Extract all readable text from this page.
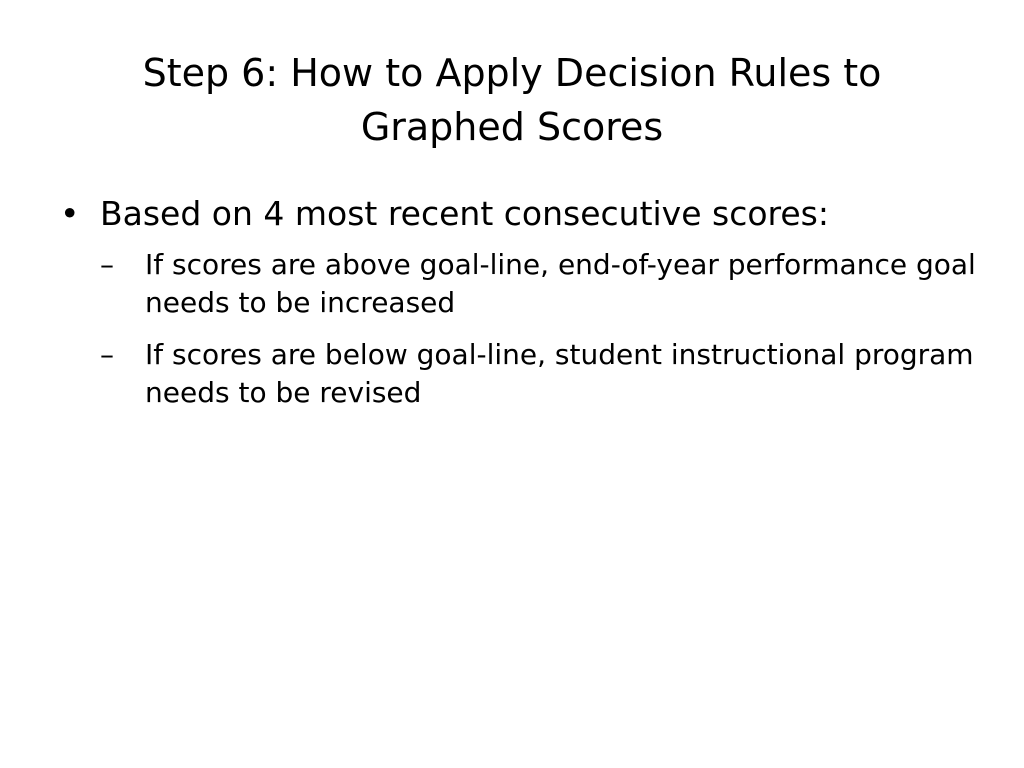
Step 6: How to Apply Decision Rules to Graphed Scores
• Based on 4 most recent consecutive scores:
– If scores are above goal-line, end-of-year performance goal needs to be increased
– If scores are below goal-line, student instructional program needs to be revised
